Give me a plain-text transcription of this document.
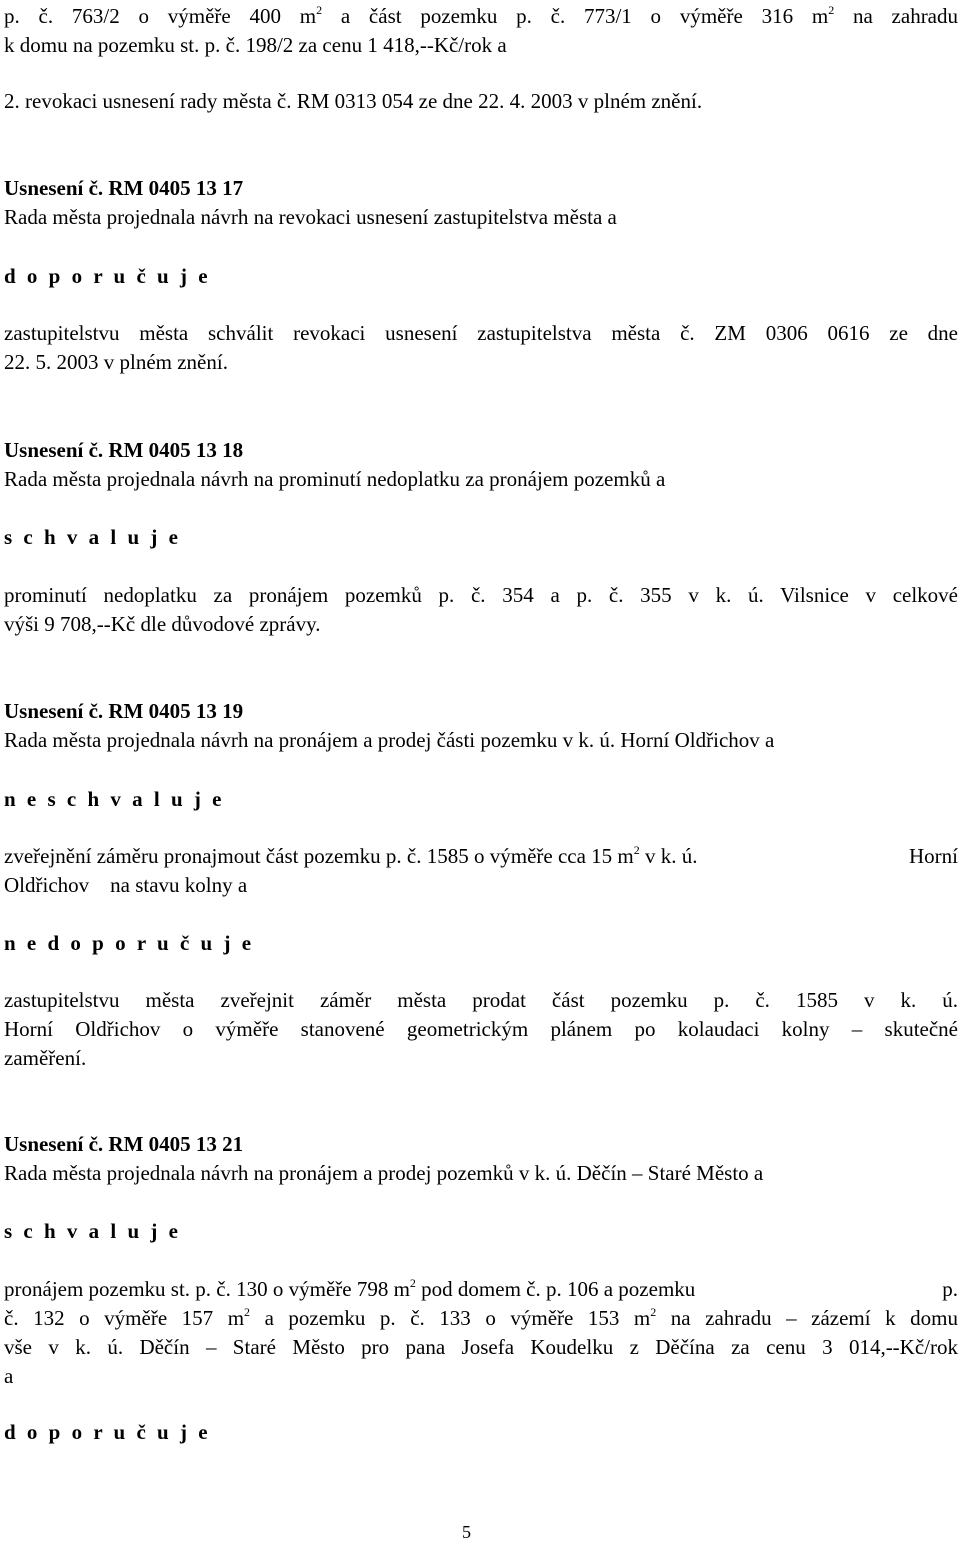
p. č. 763/2 o výměře 400 $m^2$ a část pozemku p. č. 773/1 o výměře 316 $m^2$ na zahradu
k domu na pozemku st. p. č. 198/2 za cenu 1 418,--Kč/rok a
2. revokaci usnesení rady města č. RM 0313 054 ze dne 22. 4. 2003 v plném znění.
Usnesení č. RM 0405 13 17
Rada města projednala návrh na revokaci usnesení zastupitelstva města a
d o p o r u č u j e
zastupitelstvu města schválit revokaci usnesení zastupitelstva města č. ZM 0306 0616 ze dne
22. 5. 2003 v plném znění.
Usnesení č. RM 0405 13 18
Rada města projednala návrh na prominutí nedoplatku za pronájem pozemků a
s c h v a l u j e
prominutí nedoplatku za pronájem pozemků p. č. 354 a p. č. 355 v k. ú. Vilsnice v celkové
výši 9 708,--Kč dle důvodové zprávy.
Usnesení č. RM 0405 13 19
Rada města projednala návrh na pronájem a prodej části pozemku v k. ú. Horní Oldřichov a
n e s c h v a l u j e
zveřejnění záměru pronajmout část pozemku p. č. 1585 o výměře cca 15 $m^2$ v k. ú.	Horní
Oldřichov    na stavu kolny a
n e d o p o r u č u j e
zastupitelstvu města zveřejnit záměr města prodat část pozemku p. č. 1585 v k. ú.
Horní Oldřichov o výměře stanovené geometrickým plánem po kolaudaci kolny – skutečné
zaměření.
Usnesení č. RM 0405 13 21
Rada města projednala návrh na pronájem a prodej pozemků v k. ú. Děčín – Staré Město a
s c h v a l u j e
pronájem pozemku st. p. č. 130 o výměře 798 $m^2$ pod domem č. p. 106 a pozemku	p.
č. 132 o výměře 157 $m^2$ a pozemku p. č. 133 o výměře 153 $m^2$ na zahradu – zázemí k domu
vše v k. ú. Děčín – Staré Město pro pana Josefa Koudelku z Děčína za cenu 3 014,--Kč/rok
a
d o p o r u č u j e
5
